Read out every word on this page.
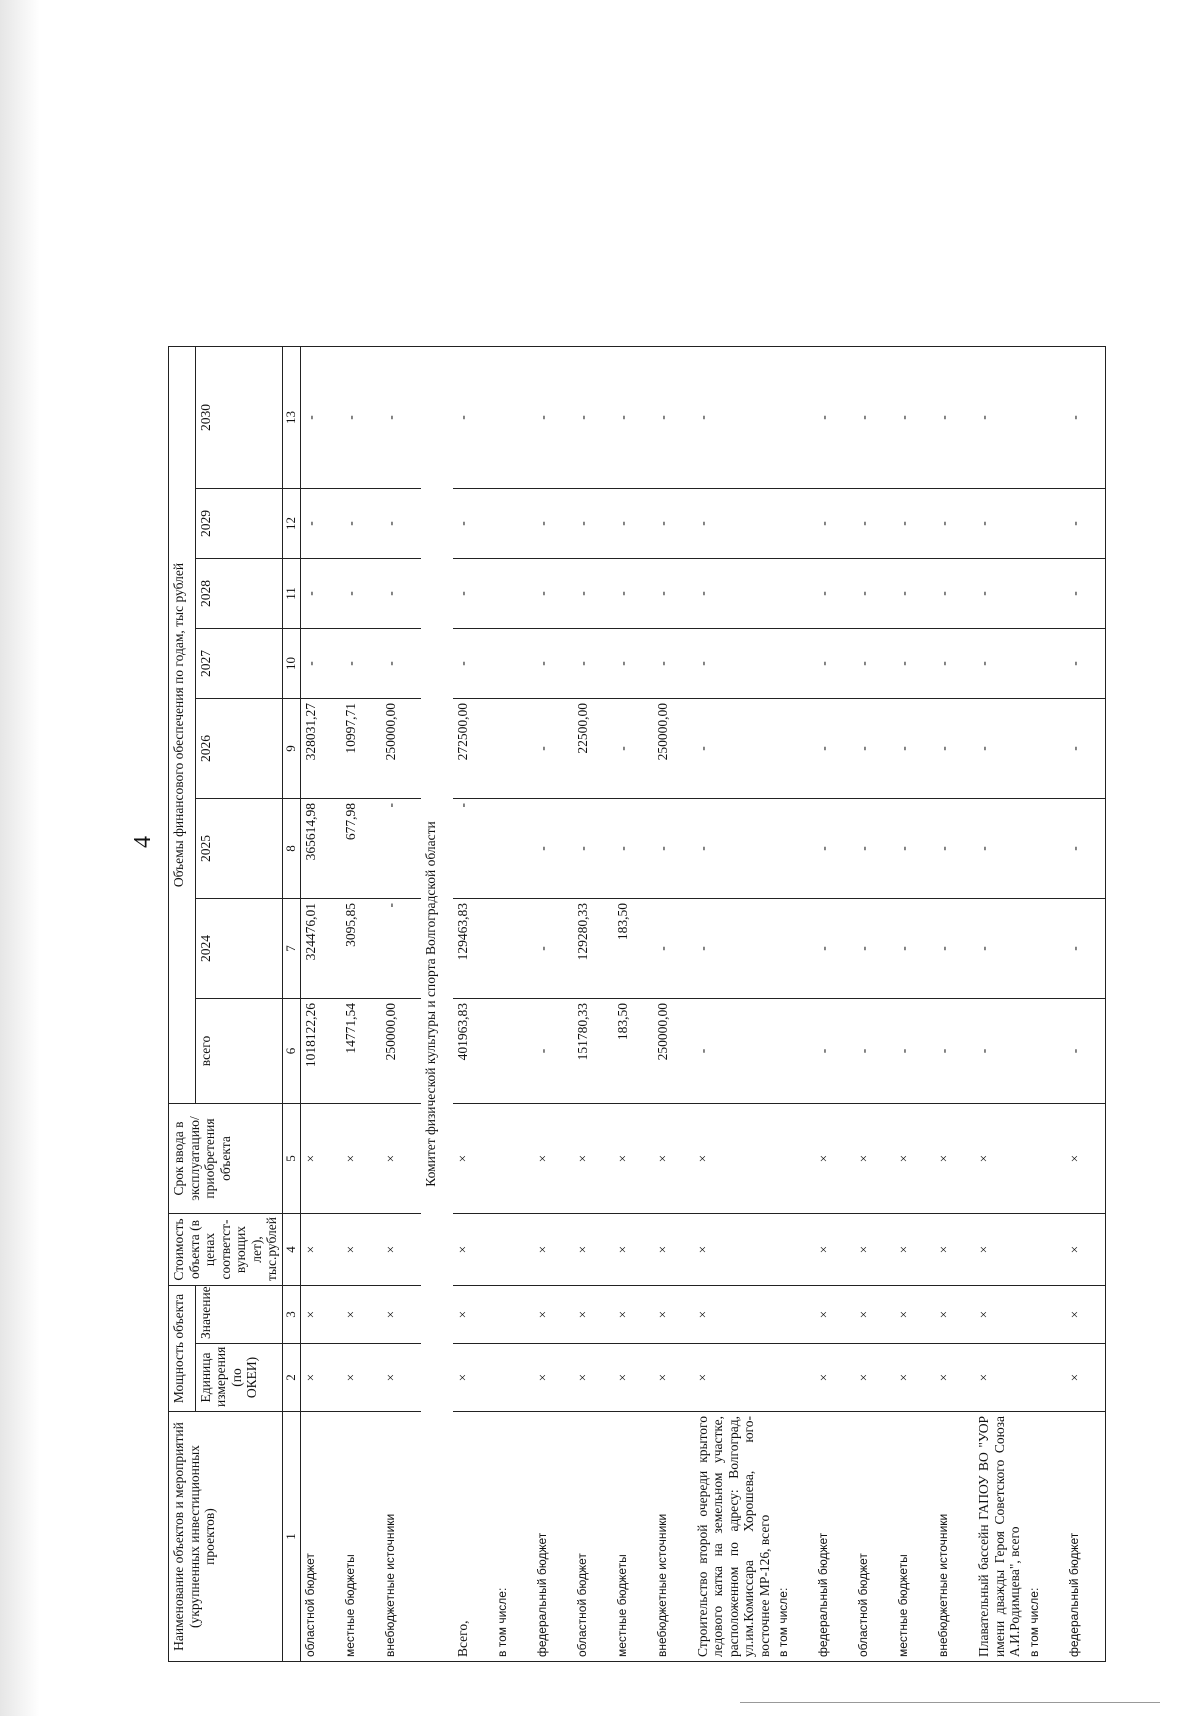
4
Наименование объектов и мероприятий (укрупненных инвестиционных проектов)	Мощность объекта		Стоимость объекта (в ценах соответст-вующих лет), тыс.рублей	Срок ввода в эксплуатацию/ приобретения объекта	Объемы финансового обеспечения по годам, тыс рублей							
	Единица измерения (по ОКЕИ)	Значение			всего	2024	2025	2026	2027	2028	2029	2030
1	2	3	4	5	6	7	8	9	10	11	12	13
областной бюджет	×	×	×	×	1018122,26	324476,01	365614,98	328031,27	-	-	-	-
местные бюджеты	×	×	×	×	14771,54	3095,85	677,98	10997,71	-	-	-	-
внебюджетные источники	×	×	×	×	250000,00	-	-	250000,00	-	-	-	-
Комитет физической культуры и спорта Волгоградской области												
Всего,	×	×	×	×	401963,83	129463,83	-	272500,00	-	-	-	-
в том числе:												
федеральный бюджет	×	×	×	×	-	-	-	-	-	-	-	-
областной бюджет	×	×	×	×	151780,33	129280,33	-	22500,00	-	-	-	-
местные бюджеты	×	×	×	×	183,50	183,50	-	-	-	-	-	-
внебюджетные источники	×	×	×	×	250000,00	-	-	250000,00	-	-	-	-
Строительство второй очереди крытого ледового катка на земельном участке, расположенном по адресу: Волгоград, ул.им.Комиссара Хорошева, юго-восточнее МР-126, всего	×	×	×	×	-	-	-	-	-	-	-	-
в том числе:												
федеральный бюджет	×	×	×	×	-	-	-	-	-	-	-	-
областной бюджет	×	×	×	×	-	-	-	-	-	-	-	-
местные бюджеты	×	×	×	×	-	-	-	-	-	-	-	-
внебюджетные источники	×	×	×	×	-	-	-	-	-	-	-	-
Плавательный бассейн ГАПОУ ВО "УОР имени дважды Героя Советского Союза А.И.Родимцева", всего	×	×	×	×	-	-	-	-	-	-	-	-
в том числе:												
федеральный бюджет	×	×	×	×	-	-	-	-	-	-	-	-
